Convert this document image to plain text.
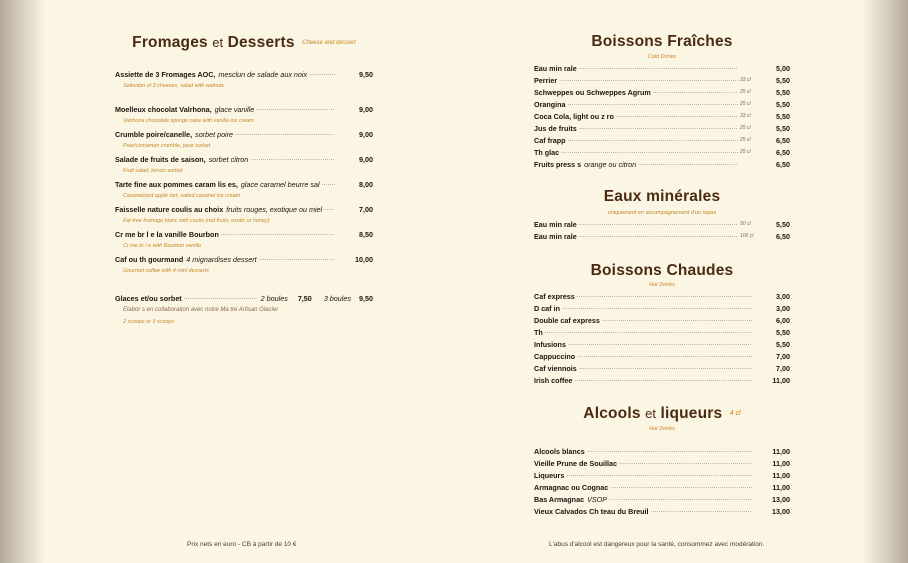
Fromages et Desserts Cheese and dessert
Assiette de 3 Fromages AOC, mesclun de salade aux noix .....	9,50
Selection of 3 cheeses, salad with walnuts
Moelleux chocolat Valrhona, glace vanille .....	9,00
Valrhona chocolate sponge cake with vanilla ice cream
Crumble poire/canelle, sorbet poire .....	9,00
Pear/cinnamon crumble, pear sorbet
Salade de fruits de saison, sorbet citron .....	9,00
Fruit salad, lemon sorbet
Tarte fine aux pommes caram lis es, glace caramel beurre sal .....	8,00
Caramelized apple tart, salted caramel ice cream
Faisselle nature coulis au choix fruits rouges, exotique ou miel .....	7,00
Fat-free fromage blanc with coulis (red fruits, exotic or honey)
Cr me br l e la vanille Bourbon .....	8,50
Cr me br l e with Bourbon vanilla
Caf ou th gourmand 4 mignardises dessert .....	10,00
Gourmet coffee with 4 mini desserts
Glaces et/ou sorbet .....	2 boules	7,50 3 boules	9,50
Elabor s en collaboration avec notre Ma tre Artisan Glacier
2 scoops or 3 scoops
Boissons Fraîches
Cold Drinks
Eaux minérales
uniquement en accompagnement d'un repas
Boissons Chaudes
Hot Drinks
Alcools et liqueurs 4 cl
Hot Drinks
Eau min rale .....	5,00
Perrier .....	33 cl	5,50
Schweppes ou Schweppes Agrum .....	25 cl	5,50
Orangina .....	25 cl	5,50
Coca Cola, light ou z ro .....	33 cl	5,50
Jus de fruits .....	25 cl	5,50
Caf frapp .....	25 cl	6,50
Th glac .....	25 cl	6,50
Fruits press s orange ou citron .....	6,50
Eau min rale .....	50 cl	5,50
Eau min rale .....	100 cl	6,50
Caf express .....	3,00
D caf in .....	3,00
Double caf express .....	6,00
Th .....	5,50
Infusions .....	5,50
Cappuccino .....	7,00
Caf viennois .....	7,00
Irish coffee .....	11,00
Alcools blancs .....	11,00
Vieille Prune de Souillac .....	11,00
Liqueurs .....	11,00
Armagnac ou Cognac .....	11,00
Bas Armagnac VSOP .....	13,00
Vieux Calvados Ch teau du Breuil .....	13,00
Prix nets en euro - CB à partir de 10 €	L'abus d'alcool est dangereux pour la santé, consommez avec modération.
